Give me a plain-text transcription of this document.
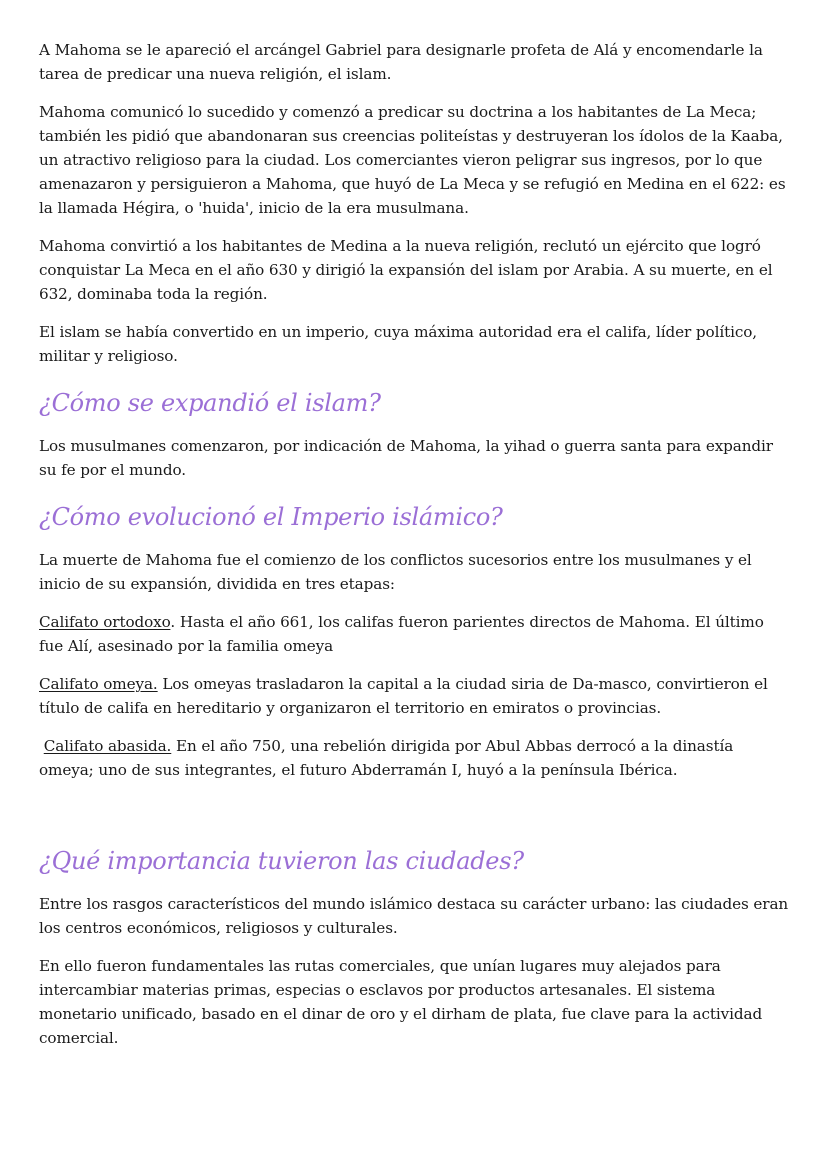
A Mahoma se le apareció el arcángel Gabriel para designarle profeta de Alá y encomendarle la tarea de predicar una nueva religión, el islam.

Mahoma comunicó lo sucedido y comenzó a predicar su doctrina a los habitantes de La Meca; también les pidió que abandonaran sus creencias politeístas y destruyeran los ídolos de la Kaaba, un atractivo religioso para la ciudad. Los comerciantes vieron peligrar sus ingresos, por lo que amenazaron y persiguieron a Mahoma, que huyó de La Meca y se refugió en Medina en el 622: es la llamada Hégira, o 'huida', inicio de la era musulmana.

Mahoma convirtió a los habitantes de Medina a la nueva religión, reclutó un ejército que logró conquistar La Meca en el año 630 y dirigió la expansión del islam por Arabia. A su muerte, en el 632, dominaba toda la región.

El islam se había convertido en un imperio, cuya máxima autoridad era el califa, líder político, militar y religioso.

¿Cómo se expandió el islam?

Los musulmanes comenzaron, por indicación de Mahoma, la yihad o guerra santa para expandir su fe por el mundo.

¿Cómo evolucionó el Imperio islámico?

La muerte de Mahoma fue el comienzo de los conflictos sucesorios entre los musulmanes y el inicio de su expansión, dividida en tres etapas:

Califato ortodoxo. Hasta el año 661, los califas fueron parientes directos de Mahoma. El último fue Alí, asesinado por la familia omeya

Califato omeya. Los omeyas trasladaron la capital a la ciudad siria de Da-masco, convirtieron el título de califa en hereditario y organizaron el territorio en emiratos o provincias.

Califato abasida. En el año 750, una rebelión dirigida por Abul Abbas derrocó a la dinastía omeya; uno de sus integrantes, el futuro Abderramán I, huyó a la península Ibérica.

¿Qué importancia tuvieron las ciudades?

Entre los rasgos característicos del mundo islámico destaca su carácter urbano: las ciudades eran los centros económicos, religiosos y culturales.

En ello fueron fundamentales las rutas comerciales, que unían lugares muy alejados para intercambiar materias primas, especias o esclavos por productos artesanales. El sistema monetario unificado, basado en el dinar de oro y el dirham de plata, fue clave para la actividad comercial.
